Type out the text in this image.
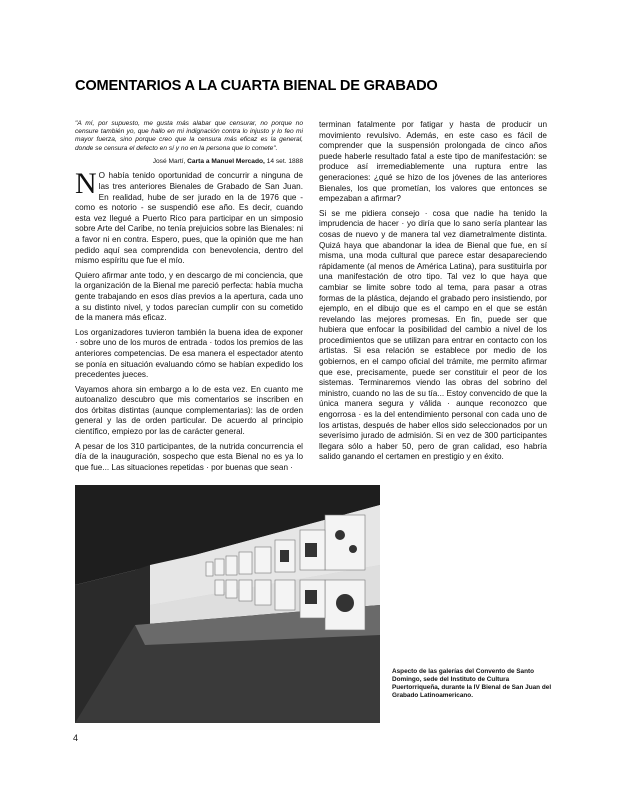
COMENTARIOS A LA CUARTA BIENAL DE GRABADO

"A mí, por supuesto, me gusta más alabar que censurar, no porque no censure también yo, que hallo en mi indignación contra lo injusto y lo feo mi mayor fuerza, sino porque creo que la censura más eficaz es la general, donde se censura el defecto en sí y no en la persona que lo comete".

José Martí, Carta a Manuel Mercado, 14 set. 1888

N O había tenido oportunidad de concurrir a ninguna de las tres anteriores Bienales de Grabado de San Juan. En realidad, hube de ser jurado en la de 1976 que - como es notorio - se suspendió ese año. Es decir, cuando esta vez llegué a Puerto Rico para participar en un simposio sobre Arte del Caribe, no tenía prejuicios sobre las Bienales: ni a favor ni en contra. Espero, pues, que la opinión que me han pedido aquí sea comprendida con benevolencia, dentro del mismo espíritu que fue el mío.

Quiero afirmar ante todo, y en descargo de mi conciencia, que la organización de la Bienal me pareció perfecta: había mucha gente trabajando en esos días previos a la apertura, cada uno a su distinto nivel, y todos parecían cumplir con su cometido de la manera más eficaz.

Los organizadores tuvieron también la buena idea de exponer · sobre uno de los muros de entrada · todos los premios de las anteriores competencias. De esa manera el espectador atento se ponía en situación evaluando cómo se habían expedido los precedentes jueces.

Vayamos ahora sin embargo a lo de esta vez. En cuanto me autoanalizo descubro que mis comentarios se inscriben en dos órbitas distintas (aunque complementarias): las de orden general y las de orden particular. De acuerdo al principio científico, empiezo por las de carácter general.

A pesar de los 310 participantes, de la nutrida concurrencia el día de la inauguración, sospecho que esta Bienal no es ya lo que fue... Las situaciones repetidas · por buenas que sean ·

terminan fatalmente por fatigar y hasta de producir un movimiento revulsivo. Además, en este caso es fácil de comprender que la suspensión prolongada de cinco años puede haberle resultado fatal a este tipo de manifestación: se produce así irremediablemente una ruptura entre las generaciones: ¿qué se hizo de los jóvenes de las anteriores Bienales, los que prometían, los valores que entonces se empezaban a afirmar?

Si se me pidiera consejo · cosa que nadie ha tenido la imprudencia de hacer · yo diría que lo sano sería plantear las cosas de nuevo y de manera tal vez diametralmente distinta. Quizá haya que abandonar la idea de Bienal que fue, en sí misma, una moda cultural que parece estar desapareciendo rápidamente (al menos de América Latina), para sustituirla por una manifestación de otro tipo. Tal vez lo que haya que cambiar se limite sobre todo al tema, para pasar a otras formas de la plástica, dejando el grabado pero insistiendo, por ejemplo, en el dibujo que es el campo en el que se están revelando las mejores promesas. En fin, puede ser que hubiera que enfocar la posibilidad del cambio a nivel de los procedimientos que se utilizan para entrar en contacto con los artistas. Si esa relación se establece por medio de los gobiernos, en el campo oficial del trámite, me permito afirmar que ese, precisamente, puede ser constituir el peor de los sistemas. Terminaremos viendo las obras del sobrino del ministro, cuando no las de su tía... Estoy convencido de que la única manera segura y válida · aunque reconozco que engorrosa · es la del entendimiento personal con cada uno de los artistas, después de haber ellos sido seleccionados por un severísimo jurado de admisión. Si en vez de 300 participantes llegara sólo a haber 50, pero de gran calidad, eso habría salido ganando el certamen en prestigio y en éxito.

Aspecto de las galerías del Convento de Santo Domingo, sede del Instituto de Cultura Puertorriqueña, durante la IV Bienal de San Juan del Grabado Latinoamericano.

4
